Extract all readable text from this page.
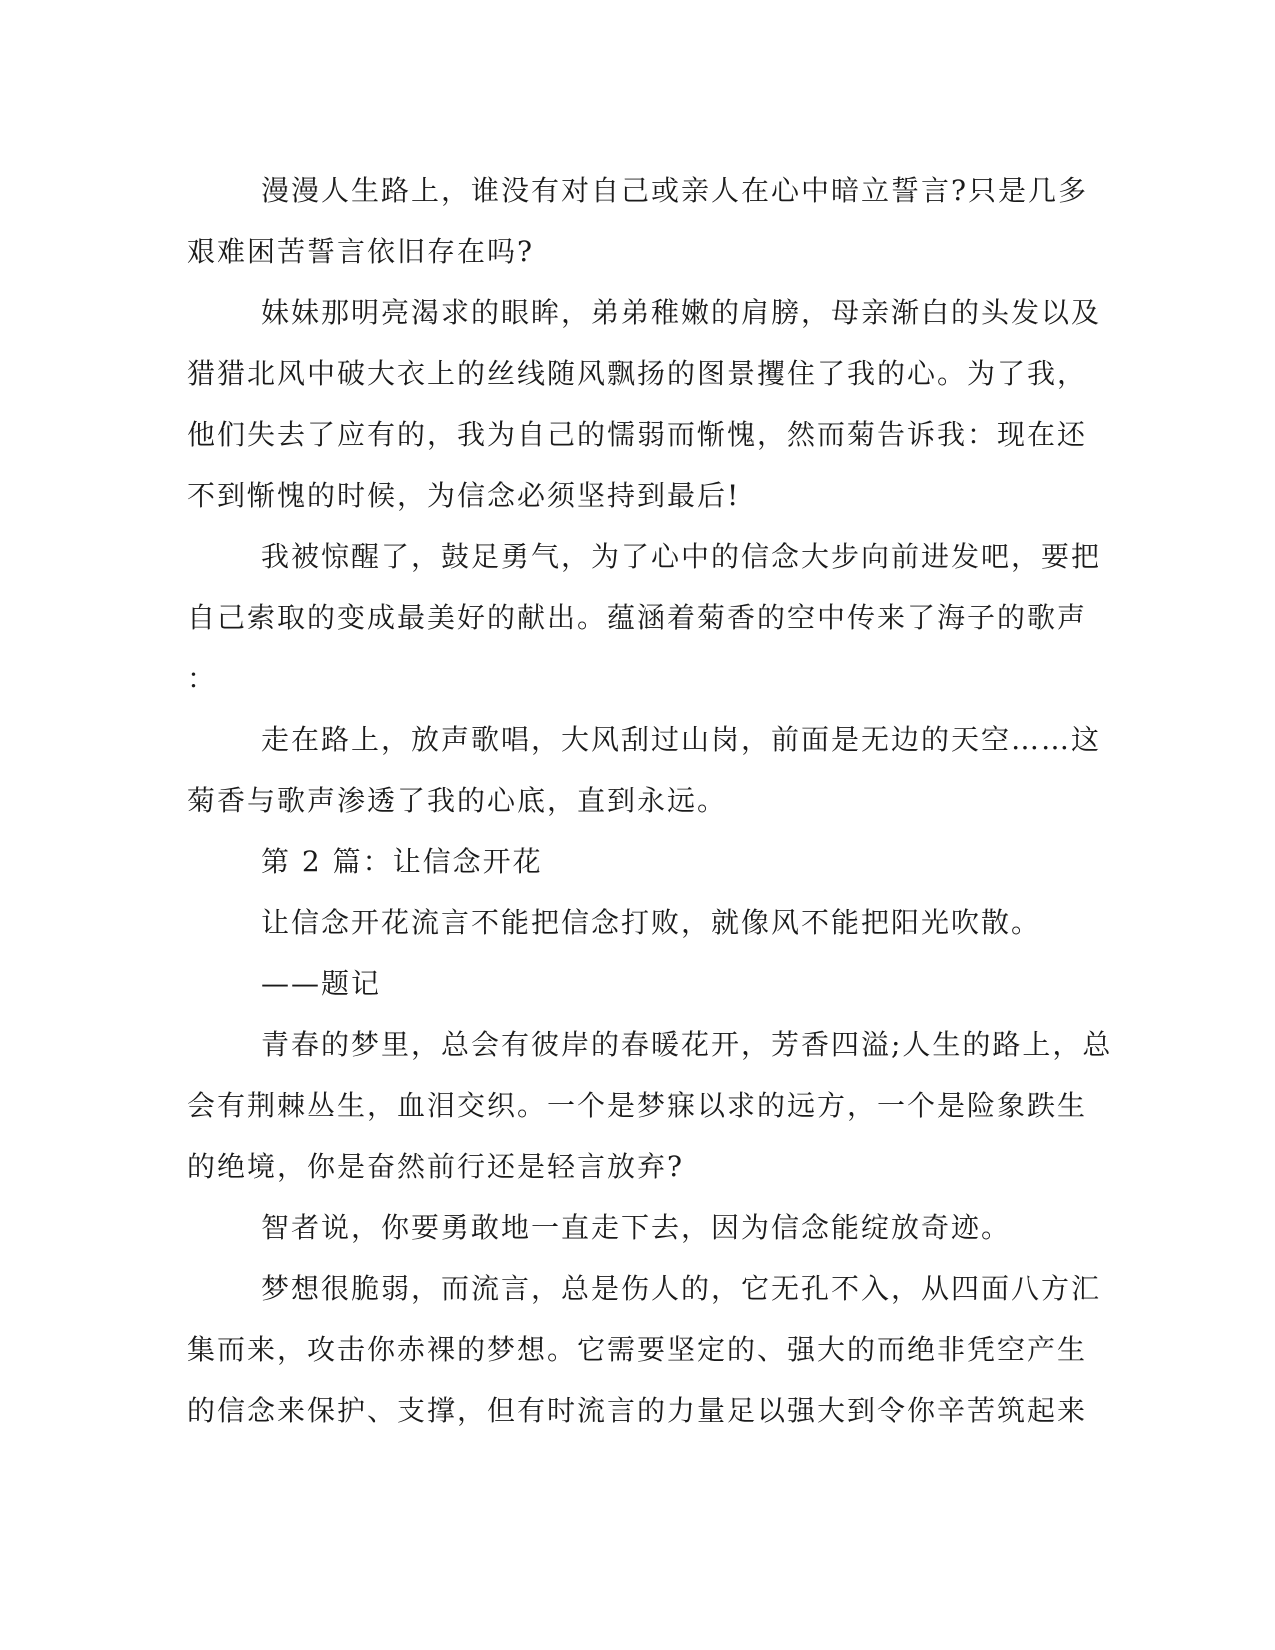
漫漫人生路上，谁没有对自己或亲人在心中暗立誓言?只是几多
艰难困苦誓言依旧存在吗?
妹妹那明亮渴求的眼眸，弟弟稚嫩的肩膀，母亲渐白的头发以及
猎猎北风中破大衣上的丝线随风飘扬的图景攫住了我的心。为了我，
他们失去了应有的，我为自己的懦弱而惭愧，然而菊告诉我：现在还
不到惭愧的时候，为信念必须坚持到最后!
我被惊醒了，鼓足勇气，为了心中的信念大步向前进发吧，要把
自己索取的变成最美好的献出。蕴涵着菊香的空中传来了海子的歌声
：
走在路上，放声歌唱，大风刮过山岗，前面是无边的天空……这
菊香与歌声渗透了我的心底，直到永远。
第 2 篇：让信念开花
让信念开花流言不能把信念打败，就像风不能把阳光吹散。
——题记
青春的梦里，总会有彼岸的春暖花开，芳香四溢;人生的路上，总
会有荆棘丛生，血泪交织。一个是梦寐以求的远方，一个是险象跌生
的绝境，你是奋然前行还是轻言放弃?
智者说，你要勇敢地一直走下去，因为信念能绽放奇迹。
梦想很脆弱，而流言，总是伤人的，它无孔不入，从四面八方汇
集而来，攻击你赤裸的梦想。它需要坚定的、强大的而绝非凭空产生
的信念来保护、支撑，但有时流言的力量足以强大到令你辛苦筑起来
